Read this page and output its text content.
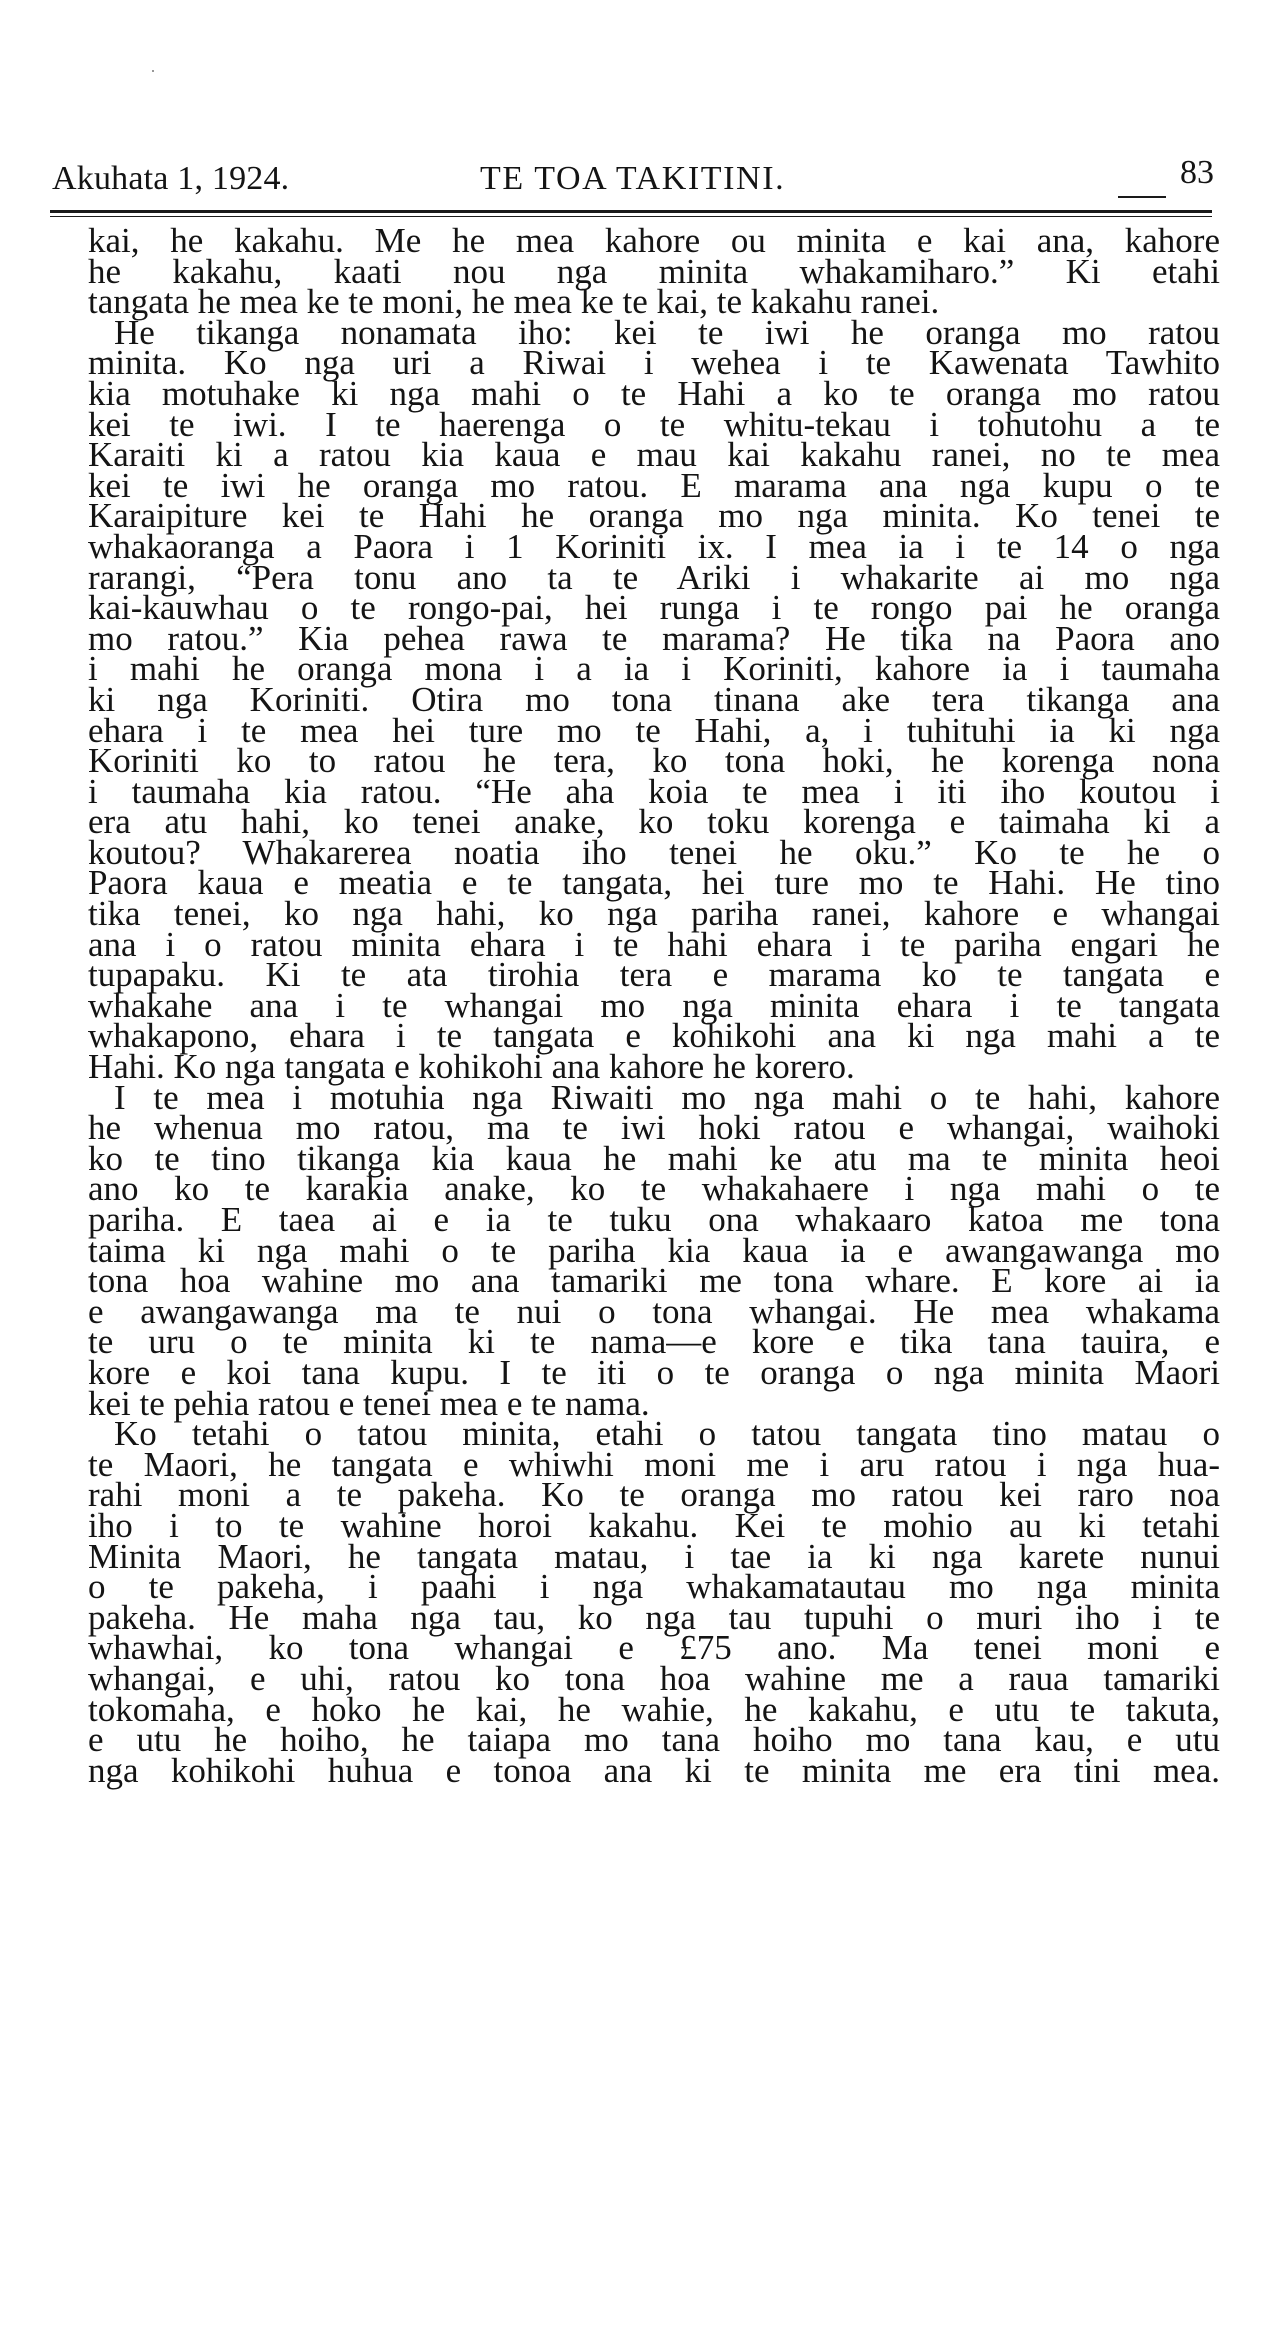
Akuhata 1, 1924.	TE TOA TAKITINI.	83
kai, he kakahu. Me he mea kahore ou minita e kai ana, kahore
he kakahu, kaati nou nga minita whakamiharo.” Ki etahi
tangata he mea ke te moni, he mea ke te kai, te kakahu ranei.
He tikanga nonamata iho: kei te iwi he oranga mo ratou
minita. Ko nga uri a Riwai i wehea i te Kawenata Tawhito
kia motuhake ki nga mahi o te Hahi a ko te oranga mo ratou
kei te iwi. I te haerenga o te whitu-tekau i tohutohu a te
Karaiti ki a ratou kia kaua e mau kai kakahu ranei, no te mea
kei te iwi he oranga mo ratou. E marama ana nga kupu o te
Karaipiture kei te Hahi he oranga mo nga minita. Ko tenei te
whakaoranga a Paora i 1 Koriniti ix. I mea ia i te 14 o nga
rarangi, “Pera tonu ano ta te Ariki i whakarite ai mo nga
kai-kauwhau o te rongo-pai, hei runga i te rongo pai he oranga
mo ratou.” Kia pehea rawa te marama? He tika na Paora ano
i mahi he oranga mona i a ia i Koriniti, kahore ia i taumaha
ki nga Koriniti. Otira mo tona tinana ake tera tikanga ana
ehara i te mea hei ture mo te Hahi, a, i tuhituhi ia ki nga
Koriniti ko to ratou he tera, ko tona hoki, he korenga nona
i taumaha kia ratou. “He aha koia te mea i iti iho koutou i
era atu hahi, ko tenei anake, ko toku korenga e taimaha ki a
koutou? Whakarerea noatia iho tenei he oku.” Ko te he o
Paora kaua e meatia e te tangata, hei ture mo te Hahi. He tino
tika tenei, ko nga hahi, ko nga pariha ranei, kahore e whangai
ana i o ratou minita ehara i te hahi ehara i te pariha engari he
tupapaku. Ki te ata tirohia tera e marama ko te tangata e
whakahe ana i te whangai mo nga minita ehara i te tangata
whakapono, ehara i te tangata e kohikohi ana ki nga mahi a te
Hahi. Ko nga tangata e kohikohi ana kahore he korero.
I te mea i motuhia nga Riwaiti mo nga mahi o te hahi, kahore
he whenua mo ratou, ma te iwi hoki ratou e whangai, waihoki
ko te tino tikanga kia kaua he mahi ke atu ma te minita heoi
ano ko te karakia anake, ko te whakahaere i nga mahi o te
pariha. E taea ai e ia te tuku ona whakaaro katoa me tona
taima ki nga mahi o te pariha kia kaua ia e awangawanga mo
tona hoa wahine mo ana tamariki me tona whare. E kore ai ia
e awangawanga ma te nui o tona whangai. He mea whakama
te uru o te minita ki te nama—e kore e tika tana tauira, e
kore e koi tana kupu. I te iti o te oranga o nga minita Maori
kei te pehia ratou e tenei mea e te nama.
Ko tetahi o tatou minita, etahi o tatou tangata tino matau o
te Maori, he tangata e whiwhi moni me i aru ratou i nga hua-
rahi moni a te pakeha. Ko te oranga mo ratou kei raro noa
iho i to te wahine horoi kakahu. Kei te mohio au ki tetahi
Minita Maori, he tangata matau, i tae ia ki nga karete nunui
o te pakeha, i paahi i nga whakamatautau mo nga minita
pakeha. He maha nga tau, ko nga tau tupuhi o muri iho i te
whawhai, ko tona whangai e £75 ano. Ma tenei moni e
whangai, e uhi, ratou ko tona hoa wahine me a raua tamariki
tokomaha, e hoko he kai, he wahie, he kakahu, e utu te takuta,
e utu he hoiho, he taiapa mo tana hoiho mo tana kau, e utu
nga kohikohi huhua e tonoa ana ki te minita me era tini mea.
